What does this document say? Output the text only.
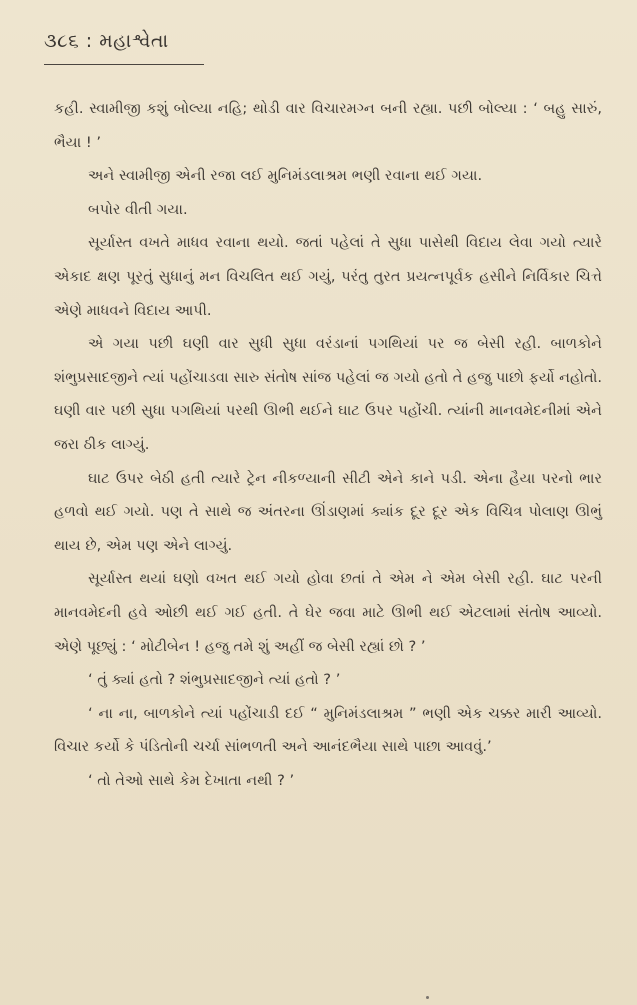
૩૮૬ : મહાશ્વેતા

કહી. સ્વામીજી કશું બોલ્યા નહિ; થોડી વાર વિચારમગ્ન બની રહ્યા. પછી બોલ્યા : ‘ બહુ સારું, ભૈયા ! ’

અને સ્વામીજી એની રજા લઈ મુનિમંડલાશ્રમ ભણી રવાના થઈ ગયા.

બપોર વીતી ગયા.

સૂર્યાસ્ત વખતે માધવ રવાના થયો. જતાં પહેલાં તે સુધા પાસેથી વિદાય લેવા ગયો ત્યારે એકાદ ક્ષણ પૂરતું સુધાનું મન વિચલિત થઈ ગયું, પરંતુ તુરત પ્રયત્નપૂર્વક હસીને નિર્વિકાર ચિત્તે એણે માધવને વિદાય આપી.

એ ગયા પછી ઘણી વાર સુધી સુધા વરંડાનાં પગથિયાં પર જ બેસી રહી. બાળકોને શંભુપ્રસાદજીને ત્યાં પહોંચાડવા સારુ સંતોષ સાંજ પહેલાં જ ગયો હતો તે હજુ પાછો ફર્યો નહોતો. ઘણી વાર પછી સુધા પગથિયાં પરથી ઊભી થઈને ઘાટ ઉપર પહોંચી. ત્યાંની માનવમેદનીમાં એને જરા ઠીક લાગ્યું.

ઘાટ ઉપર બેઠી હતી ત્યારે ટ્રેન નીકળ્યાની સીટી એને કાને પડી. એના હૈયા પરનો ભાર હળવો થઈ ગયો. પણ તે સાથે જ અંતરના ઊંડાણમાં ક્યાંક દૂર દૂર એક વિચિત્ર પોલાણ ઊભું થાય છે, એમ પણ એને લાગ્યું.

સૂર્યાસ્ત થયાં ઘણો વખત થઈ ગયો હોવા છતાં તે એમ ને એમ બેસી રહી. ઘાટ પરની માનવમેદની હવે ઓછી થઈ ગઈ હતી. તે ઘેર જવા માટે ઊભી થઈ એટલામાં સંતોષ આવ્યો. એણે પૂછ્યું : ‘ મોટીબેન ! હજુ તમે શું અહીં જ બેસી રહ્યાં છો ? ’

‘ તું ક્યાં હતો ? શંભુપ્રસાદજીને ત્યાં હતો ? ’

‘ ના ના, બાળકોને ત્યાં પહોંચાડી દઈ “ મુનિમંડલાશ્રમ ” ભણી એક ચક્કર મારી આવ્યો. વિચાર કર્યો કે પંડિતોની ચર્ચા સાંભળતી અને આનંદભૈયા સાથે પાછા આવવું.’

‘ તો તેઓ સાથે કેમ દેખાતા નથી ? ’
